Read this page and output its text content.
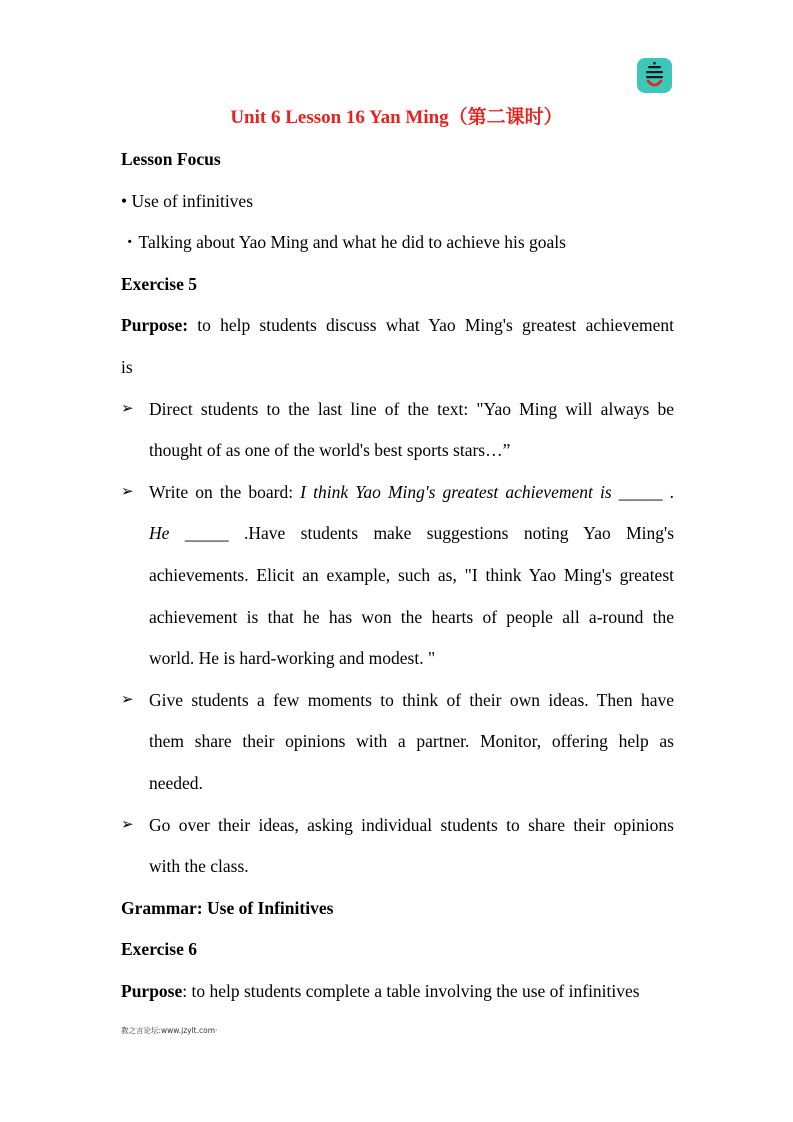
Unit 6 Lesson 16 Yan Ming（第二课时）
Lesson Focus
• Use of infinitives
・Talking about Yao Ming and what he did to achieve his goals
Exercise 5
Purpose: to help students discuss what Yao Ming's greatest achievement
is
➢ Direct students to the last line of the text: "Yao Ming will always be
thought of as one of the world's best sports stars…”
➢ Write on the board: I think Yao Ming's greatest achievement is _____ .
He _____ .Have students make suggestions noting Yao Ming's
achievements. Elicit an example, such as, "I think Yao Ming's greatest
achievement is that he has won the hearts of people all a-round the
world. He is hard-working and modest. "
➢ Give students a few moments to think of their own ideas. Then have
them share their opinions with a partner. Monitor, offering help as
needed.
➢ Go over their ideas, asking individual students to share their opinions
with the class.
Grammar: Use of Infinitives
Exercise 6
Purpose: to help students complete a table involving the use of infinitives
教之言论坛:www.jzylt.com·
